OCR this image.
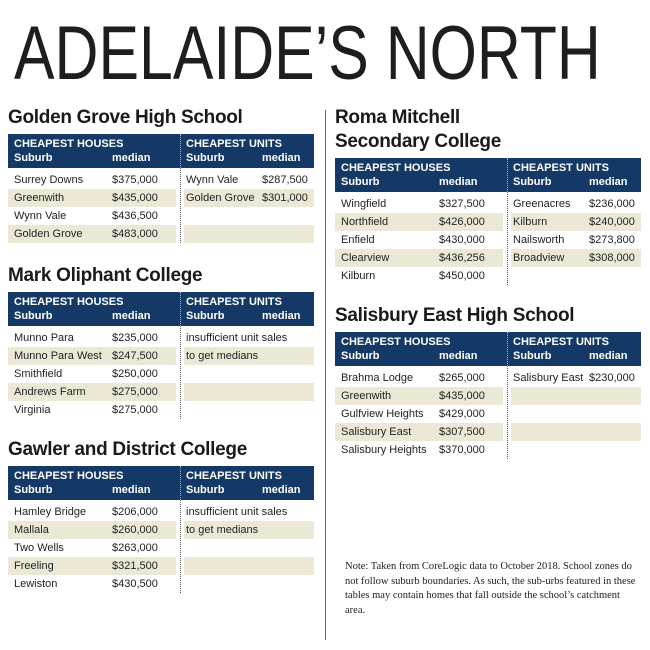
ADELAIDE’S NORTH
Golden Grove High School
CHEAPEST HOUSES
Suburb	median
CHEAPEST UNITS
Suburb	median
Surrey Downs	$375,000	Wynn Vale $287,500
Greenwith	$435,000	Golden Grove $301,000
Wynn Vale	$436,500
Golden Grove	$483,000
Mark Oliphant College
CHEAPEST HOUSES
Suburb	median
CHEAPEST UNITS
Suburb	median
Munno Para	$235,000	insufficient unit sales
Munno Para West $247,500	to get medians
Smithfield	$250,000
Andrews Farm $275,000
Virginia	$275,000
Gawler and District College
CHEAPEST HOUSES
Suburb	median
CHEAPEST UNITS
Suburb	median
Hamley Bridge $206,000	insufficient unit sales
Mallala	$260,000	to get medians
Two Wells	$263,000
Freeling	$321,500
Lewiston	$430,500
Roma Mitchell Secondary College
CHEAPEST HOUSES
Suburb	median
CHEAPEST UNITS
Suburb	median
Wingfield	$327,500	Greenacres $236,000
Northfield	$426,000	Kilburn	$240,000
Enfield	$430,000	Nailsworth $273,800
Clearview	$436,256	Broadview $308,000
Kilburn	$450,000
Salisbury East High School
CHEAPEST HOUSES
Suburb	median
CHEAPEST UNITS
Suburb	median
Brahma Lodge $265,000	Salisbury East $230,000
Greenwith	$435,000
Gulfview Heights $429,000
Salisbury East	$307,500
Salisbury Heights $370,000
Note: Taken from CoreLogic data to October 2018. School zones do not follow suburb boundaries. As such, the sub-urbs featured in these tables may contain homes that fall outside the school’s catchment area.
